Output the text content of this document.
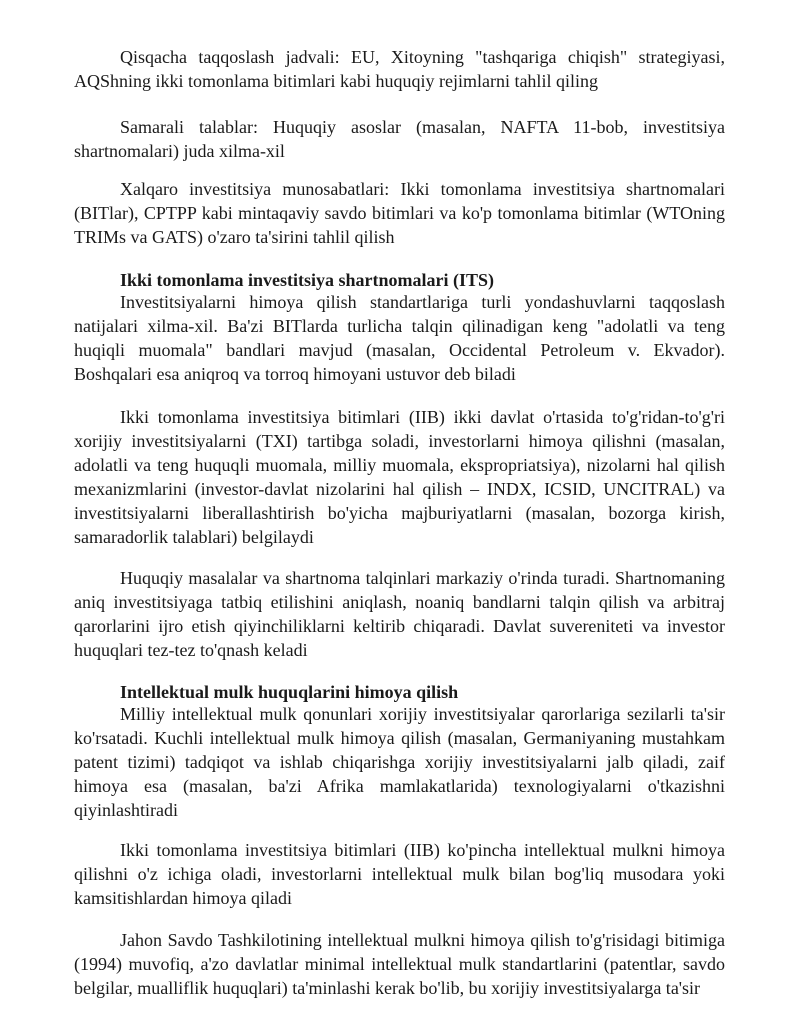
Qisqacha taqqoslash jadvali: EU, Xitoyning "tashqariga chiqish" strategiyasi, AQShning ikki tomonlama bitimlari kabi huquqiy rejimlarni tahlil qiling

Samarali talablar: Huquqiy asoslar (masalan, NAFTA 11-bob, investitsiya shartnomalari) juda xilma-xil

Xalqaro investitsiya munosabatlari: Ikki tomonlama investitsiya shartnomalari (BITlar), CPTPP kabi mintaqaviy savdo bitimlari va ko'p tomonlama bitimlar (WTOning TRIMs va GATS) o'zaro ta'sirini tahlil qilish

Ikki tomonlama investitsiya shartnomalari (ITS)

Investitsiyalarni himoya qilish standartlariga turli yondashuvlarni taqqoslash natijalari xilma-xil. Ba'zi BITlarda turlicha talqin qilinadigan keng "adolatli va teng huqiqli muomala" bandlari mavjud (masalan, Occidental Petroleum v. Ekvador). Boshqalari esa aniqroq va torroq himoyani ustuvor deb biladi

Ikki tomonlama investitsiya bitimlari (IIB) ikki davlat o'rtasida to'g'ridan-to'g'ri xorijiy investitsiyalarni (TXI) tartibga soladi, investorlarni himoya qilishni (masalan, adolatli va teng huquqli muomala, milliy muomala, ekspropriatsiya), nizolarni hal qilish mexanizmlarini (investor-davlat nizolarini hal qilish – INDX, ICSID, UNCITRAL) va investitsiyalarni liberallashtirish bo'yicha majburiyatlarni (masalan, bozorga kirish, samaradorlik talablari) belgilaydi

Huquqiy masalalar va shartnoma talqinlari markaziy o'rinda turadi. Shartnomaning aniq investitsiyaga tatbiq etilishini aniqlash, noaniq bandlarni talqin qilish va arbitraj qarorlarini ijro etish qiyinchiliklarni keltirib chiqaradi. Davlat suvereniteti va investor huquqlari tez-tez to'qnash keladi

Intellektual mulk huquqlarini himoya qilish

Milliy intellektual mulk qonunlari xorijiy investitsiyalar qarorlariga sezilarli ta'sir ko'rsatadi. Kuchli intellektual mulk himoya qilish (masalan, Germaniyaning mustahkam patent tizimi) tadqiqot va ishlab chiqarishga xorijiy investitsiyalarni jalb qiladi, zaif himoya esa (masalan, ba'zi Afrika mamlakatlarida) texnologiyalarni o'tkazishni qiyinlashtiradi

Ikki tomonlama investitsiya bitimlari (IIB) ko'pincha intellektual mulkni himoya qilishni o'z ichiga oladi, investorlarni intellektual mulk bilan bog'liq musodara yoki kamsitishlardan himoya qiladi

Jahon Savdo Tashkilotining intellektual mulkni himoya qilish to'g'risidagi bitimiga (1994) muvofiq, a'zo davlatlar minimal intellektual mulk standartlarini (patentlar, savdo belgilar, mualliflik huquqlari) ta'minlashi kerak bo'lib, bu xorijiy investitsiyalarga ta'sir
